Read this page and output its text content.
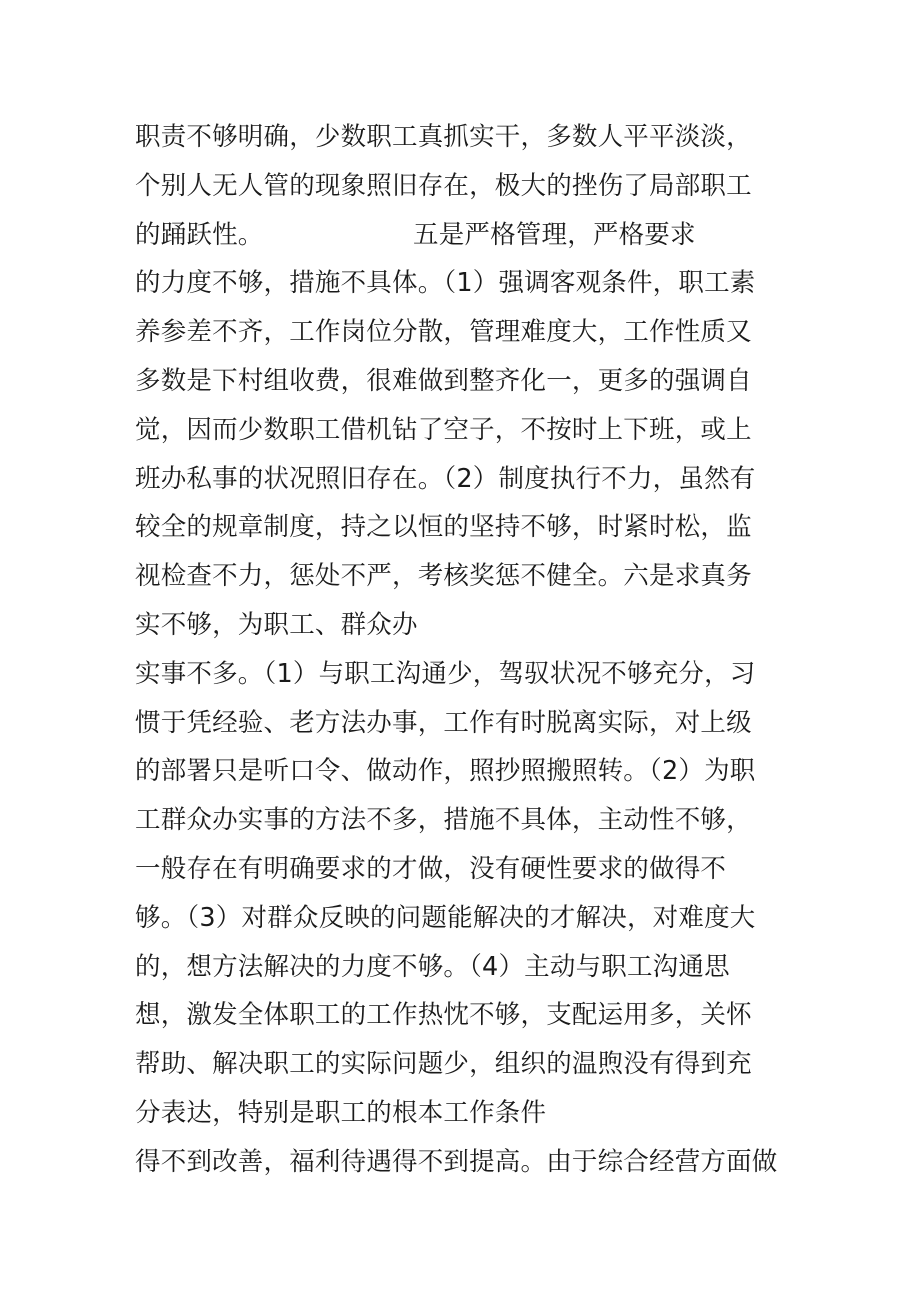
职责不够明确，少数职工真抓实干，多数人平平淡淡，
个别人无人管的现象照旧存在，极大的挫伤了局部职工
的踊跃性。                  五是严格管理，严格要求
的力度不够，措施不具体。（1）强调客观条件，职工素
养参差不齐，工作岗位分散，管理难度大，工作性质又
多数是下村组收费，很难做到整齐化一，更多的强调自
觉，因而少数职工借机钻了空子，不按时上下班，或上
班办私事的状况照旧存在。（2）制度执行不力，虽然有
较全的规章制度，持之以恒的坚持不够，时紧时松，监
视检查不力，惩处不严，考核奖惩不健全。六是求真务
实不够，为职工、群众办
实事不多。（1）与职工沟通少，驾驭状况不够充分，习
惯于凭经验、老方法办事，工作有时脱离实际，对上级
的部署只是听口令、做动作，照抄照搬照转。（2）为职
工群众办实事的方法不多，措施不具体，主动性不够，
一般存在有明确要求的才做，没有硬性要求的做得不
够。（3）对群众反映的问题能解决的才解决，对难度大
的，想方法解决的力度不够。（4）主动与职工沟通思
想，激发全体职工的工作热忱不够，支配运用多，关怀
帮助、解决职工的实际问题少，组织的温煦没有得到充
分表达，特别是职工的根本工作条件
得不到改善，福利待遇得不到提高。由于综合经营方面做
